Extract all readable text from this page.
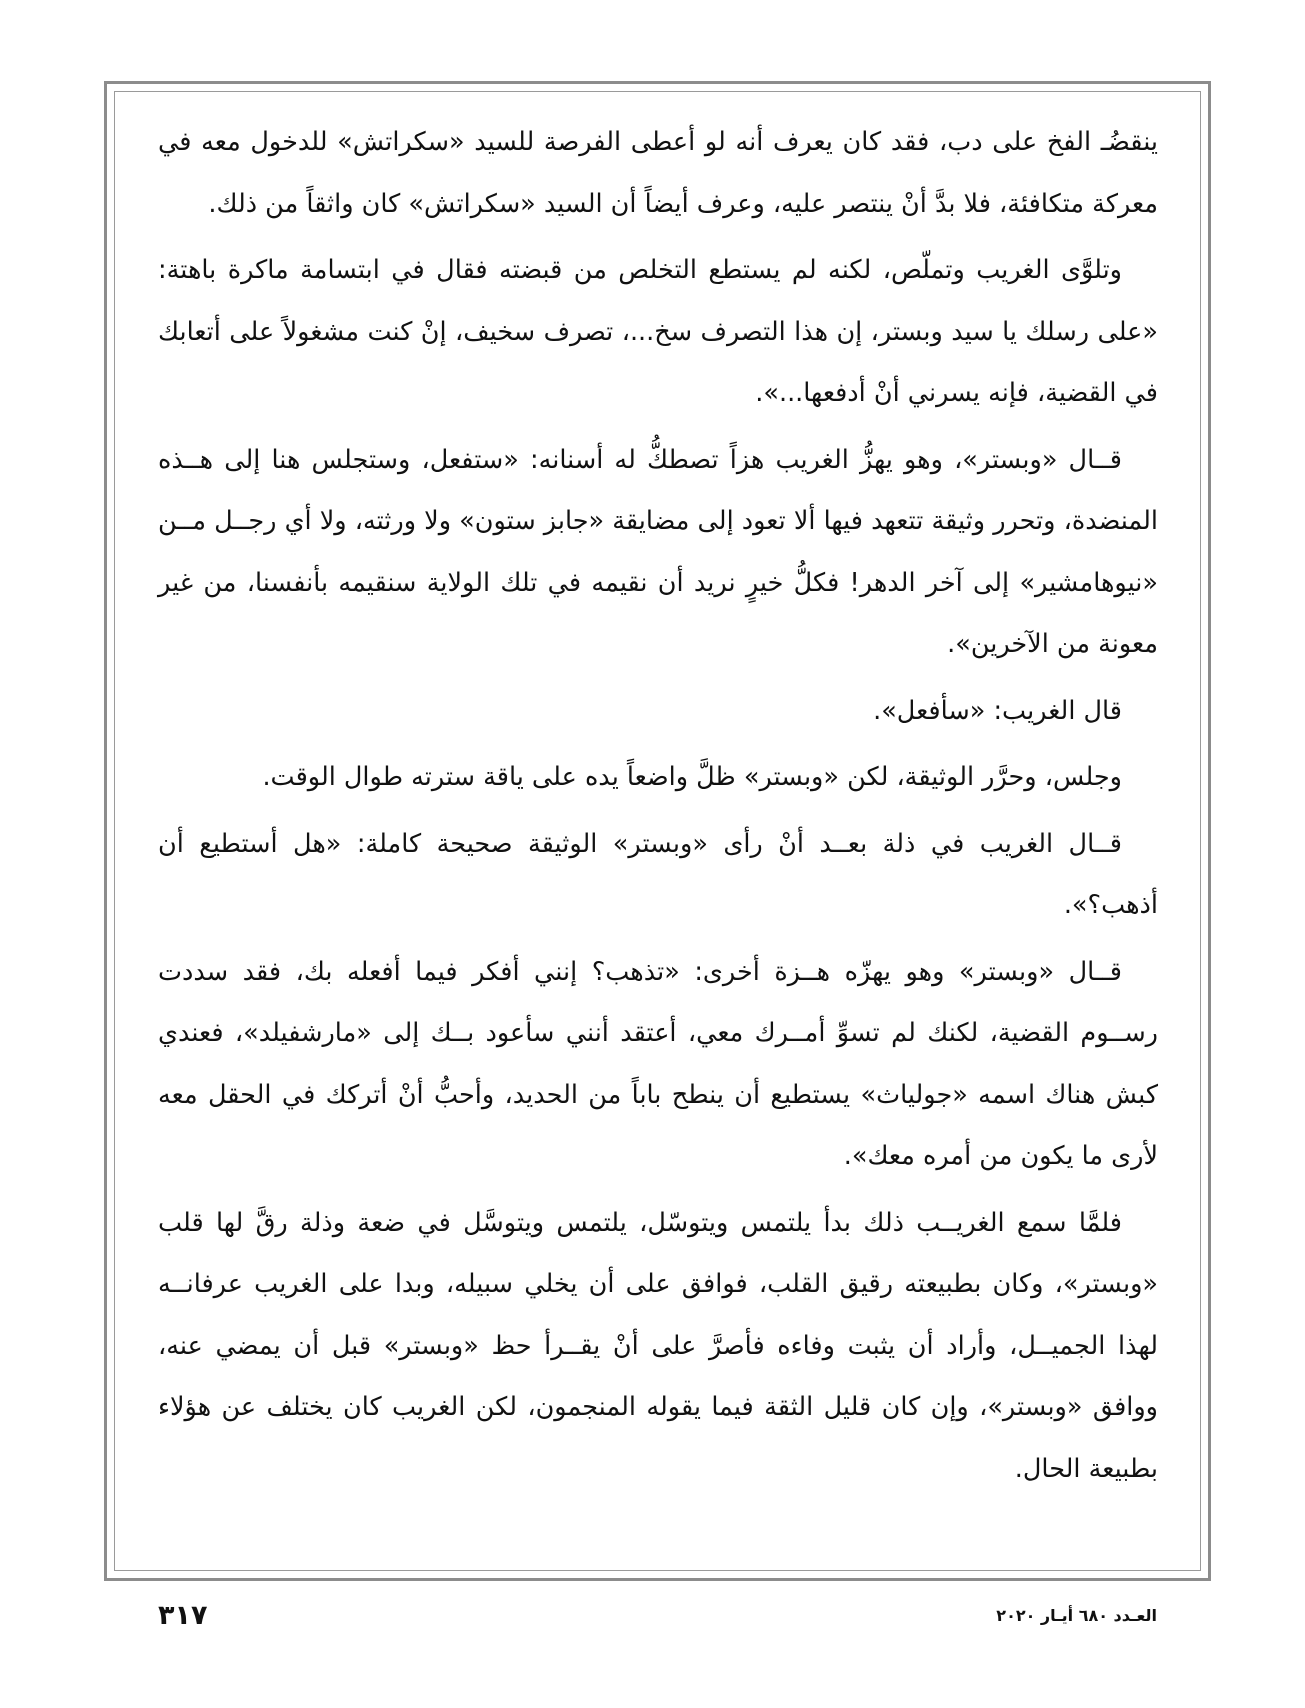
ينقضُـ الفخ على دب، فقد كان يعرف أنه لو أعطى الفرصة للسيد «سكراتش» للدخول معه في معركة متكافئة، فلا بدَّ أنْ ينتصر عليه، وعرف أيضاً أن السيد «سكراتش» كان واثقاً من ذلك.

وتلوَّى الغريب وتملّص، لكنه لم يستطع التخلص من قبضته فقال في ابتسامة ماكرة باهتة: «على رسلك يا سيد وبستر، إن هذا التصرف سخ...، تصرف سخيف، إنْ كنت مشغولاً على أتعابك في القضية، فإنه يسرني أنْ أدفعها...».

قــال «وبستر»، وهو يهزُّ الغريب هزاً تصطكُّ له أسنانه: «ستفعل، وستجلس هنا إلى هــذه المنضدة، وتحرر وثيقة تتعهد فيها ألا تعود إلى مضايقة «جابز ستون» ولا ورثته، ولا أي رجــل مــن «نيوهامشير» إلى آخر الدهر! فكلُّ خيرٍ نريد أن نقيمه في تلك الولاية سنقيمه بأنفسنا، من غير معونة من الآخرين».

قال الغريب: «سأفعل».

وجلس، وحرَّر الوثيقة، لكن «وبستر» ظلَّ واضعاً يده على ياقة سترته طوال الوقت.

قــال الغريب في ذلة بعــد أنْ رأى «وبستر» الوثيقة صحيحة كاملة: «هل أستطيع أن أذهب؟».

قــال «وبستر» وهو يهزّه هــزة أخرى: «تذهب؟ إنني أفكر فيما أفعله بك، فقد سددت رســوم القضية، لكنك لم تسوِّ أمــرك معي، أعتقد أنني سأعود بــك إلى «مارشفيلد»، فعندي كبش هناك اسمه «جولياث» يستطيع أن ينطح باباً من الحديد، وأحبُّ أنْ أتركك في الحقل معه لأرى ما يكون من أمره معك».

فلمَّا سمع الغريــب ذلك بدأ يلتمس ويتوسّل، يلتمس ويتوسَّل في ضعة وذلة رقَّ لها قلب «وبستر»، وكان بطبيعته رقيق القلب، فوافق على أن يخلي سبيله، وبدا على الغريب عرفانــه لهذا الجميــل، وأراد أن يثبت وفاءه فأصرَّ على أنْ يقــرأ حظ «وبستر» قبل أن يمضي عنه، ووافق «وبستر»، وإن كان قليل الثقة فيما يقوله المنجمون، لكن الغريب كان يختلف عن هؤلاء بطبيعة الحال.

العـدد ٦٨٠ أيـار ٢٠٢٠
٣١٧
